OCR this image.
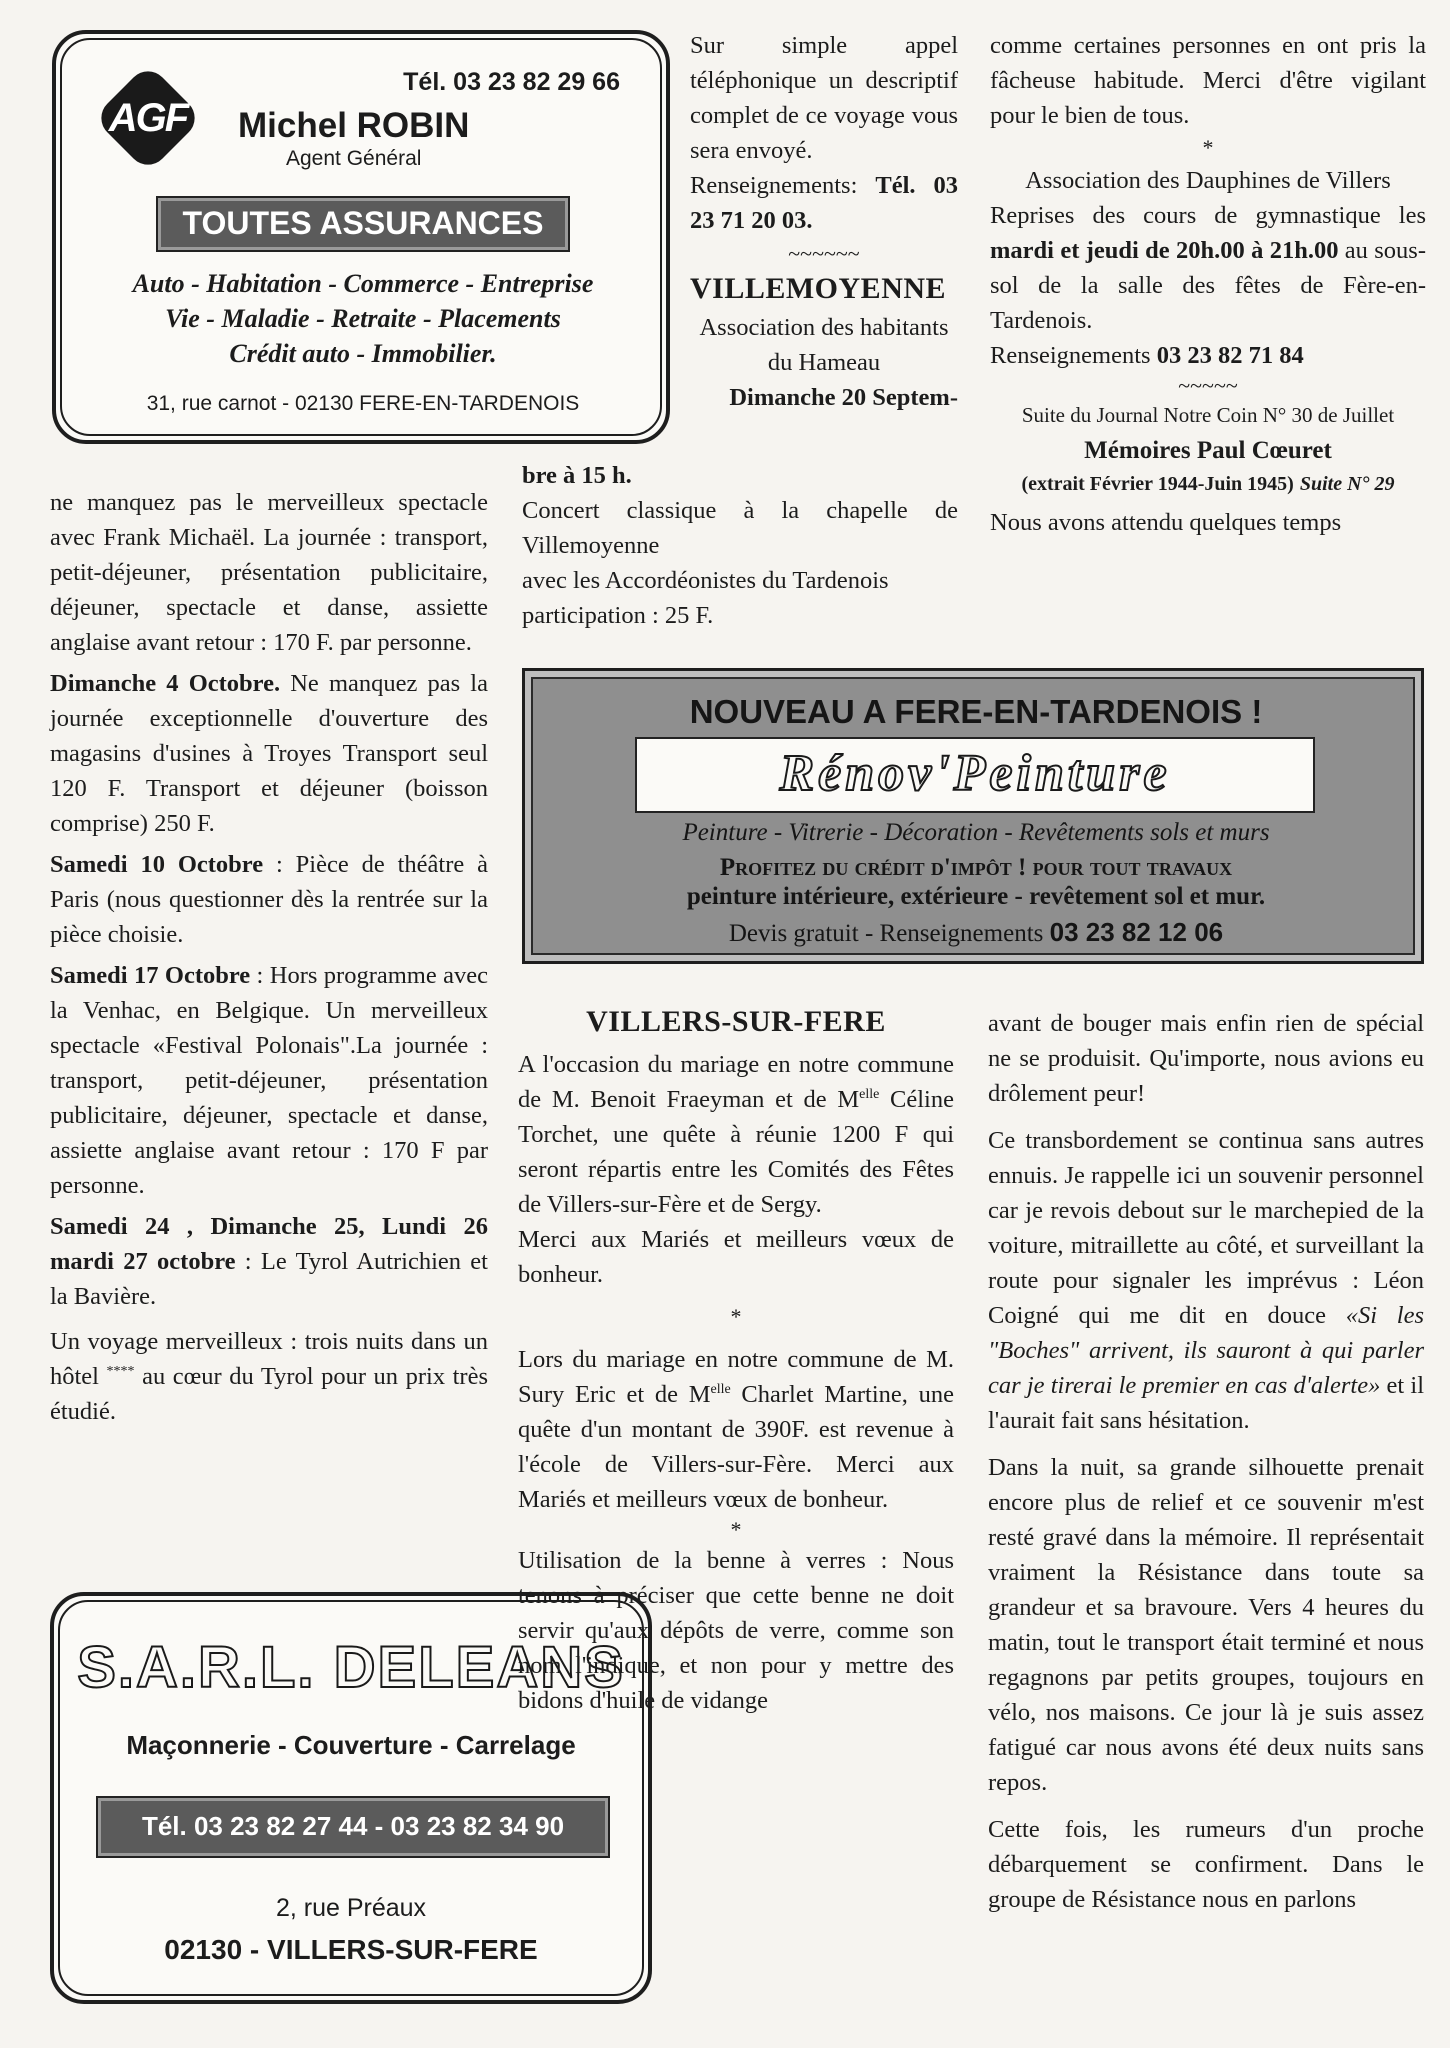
AGF
Tél. 03 23 82 29 66
Michel ROBIN
Agent Général
TOUTES ASSURANCES
Auto - Habitation - Commerce - Entreprise
Vie - Maladie - Retraite - Placements
Crédit auto - Immobilier.
31, rue carnot - 02130 FERE-EN-TARDENOIS

ne manquez pas le merveilleux spectacle avec Frank Michaël. La journée : transport, petit-déjeuner, présentation publicitaire, déjeuner, spectacle et danse, assiette anglaise avant retour : 170 F. par personne.

Dimanche 4 Octobre. Ne manquez pas la journée exceptionnelle d'ouverture des magasins d'usines à Troyes Transport seul 120 F. Transport et déjeuner (boisson comprise) 250 F.

Samedi 10 Octobre : Pièce de théâtre à Paris (nous questionner dès la rentrée sur la pièce choisie.

Samedi 17 Octobre : Hors programme avec la Venhac, en Belgique. Un merveilleux spectacle «Festival Polonais".La journée : transport, petit-déjeuner, présentation publicitaire, déjeuner, spectacle et danse, assiette anglaise avant retour : 170 F par personne.

Samedi 24 , Dimanche 25, Lundi 26 mardi 27 octobre : Le Tyrol Autrichien et la Bavière.

Un voyage merveilleux : trois nuits dans un hôtel **** au cœur du Tyrol pour un prix très étudié.

S.A.R.L. DELEANS
Maçonnerie - Couverture - Carrelage
Tél. 03 23 82 27 44 - 03 23 82 34 90
2, rue Préaux
02130 - VILLERS-SUR-FERE

Sur simple appel téléphonique un descriptif complet de ce voyage vous sera envoyé.

Renseignements: Tél. 03 23 71 20 03.

~~~~~~
VILLEMOYENNE

Association des habitants du Hameau

Dimanche 20 Septem-

bre à 15 h.

Concert classique à la chapelle de Villemoyenne

avec les Accordéonistes du Tardenois

participation : 25 F.

comme certaines personnes en ont pris la fâcheuse habitude. Merci d'être vigilant pour le bien de tous.

*

Association des Dauphines de Villers

Reprises des cours de gymnastique les mardi et jeudi de 20h.00 à 21h.00 au sous-sol de la salle des fêtes de Fère-en-Tardenois.

Renseignements 03 23 82 71 84

~~~~~
Suite du Journal Notre Coin N° 30 de Juillet
Mémoires Paul Cœuret
(extrait Février 1944-Juin 1945) Suite N° 29

Nous avons attendu quelques temps

NOUVEAU A FERE-EN-TARDENOIS !
Rénov'Peinture
Peinture - Vitrerie - Décoration - Revêtements sols et murs
Profitez du crédit d'impôt ! pour tout travaux
peinture intérieure, extérieure - revêtement sol et mur.
Devis gratuit - Renseignements 03 23 82 12 06
VILLERS-SUR-FERE

A l'occasion du mariage en notre commune de M. Benoit Fraeyman et de $M^{elle}$ Céline Torchet, une quête à réunie 1200 F qui seront répartis entre les Comités des Fêtes de Villers-sur-Fère et de Sergy.

Merci aux Mariés et meilleurs vœux de bonheur.

*

Lors du mariage en notre commune de M. Sury Eric et de $M^{elle}$ Charlet Martine, une quête d'un montant de 390F. est revenue à l'école de Villers-sur-Fère. Merci aux Mariés et meilleurs vœux de bonheur.

*

Utilisation de la benne à verres : Nous tenons à préciser que cette benne ne doit servir qu'aux dépôts de verre, comme son nom l'indique, et non pour y mettre des bidons d'huile de vidange

avant de bouger mais enfin rien de spécial ne se produisit. Qu'importe, nous avions eu drôlement peur!

Ce transbordement se continua sans autres ennuis. Je rappelle ici un souvenir personnel car je revois debout sur le marchepied de la voiture, mitraillette au côté, et surveillant la route pour signaler les imprévus : Léon Coigné qui me dit en douce «Si les "Boches" arrivent, ils sauront à qui parler car je tirerai le premier en cas d'alerte» et il l'aurait fait sans hésitation.

Dans la nuit, sa grande silhouette prenait encore plus de relief et ce souvenir m'est resté gravé dans la mémoire. Il représentait vraiment la Résistance dans toute sa grandeur et sa bravoure. Vers 4 heures du matin, tout le transport était terminé et nous regagnons par petits groupes, toujours en vélo, nos maisons. Ce jour là je suis assez fatigué car nous avons été deux nuits sans repos.

Cette fois, les rumeurs d'un proche débarquement se confirment. Dans le groupe de Résistance nous en parlons
